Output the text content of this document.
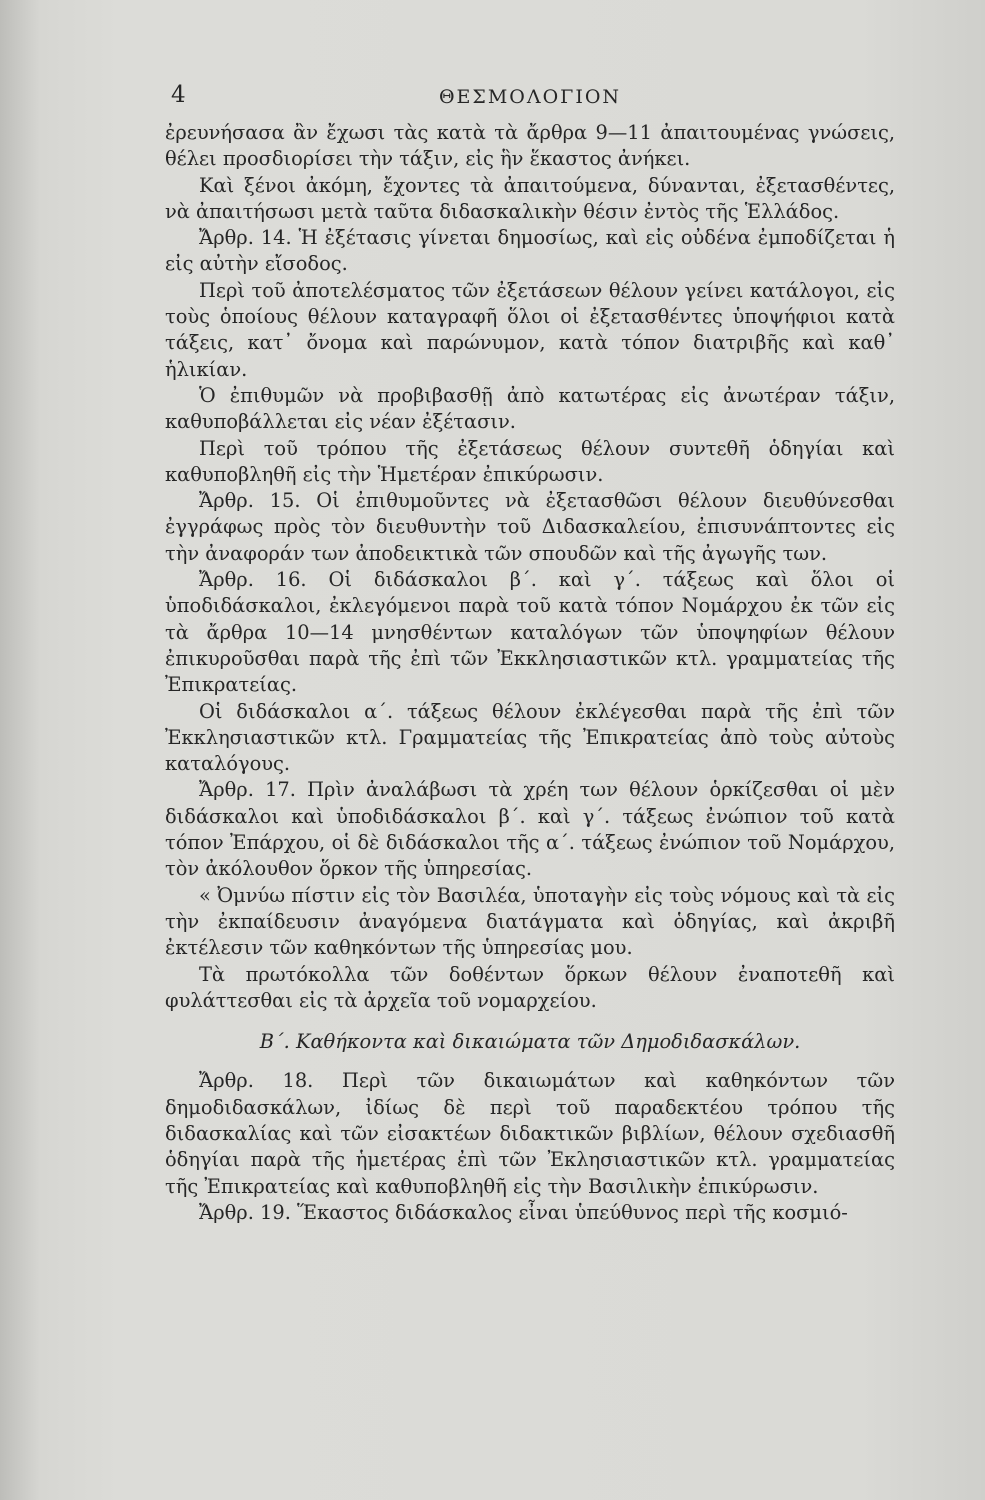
4	ΘΕΣΜΟΛΟΓΙΟΝ

ἐρευνήσασα ἂν ἔχωσι τὰς κατὰ τὰ ἄρθρα 9—11 ἀπαιτουμένας γνώσεις, θέλει προσδιορίσει τὴν τάξιν, εἰς ἣν ἕκαστος ἀνήκει.

Καὶ ξένοι ἀκόμη, ἔχοντες τὰ ἀπαιτούμενα, δύνανται, ἐξετασθέντες, νὰ ἀπαιτήσωσι μετὰ ταῦτα διδασκαλικὴν θέσιν ἐντὸς τῆς Ἑλλάδος.

Ἄρθρ. 14. Ἡ ἐξέτασις γίνεται δημοσίως, καὶ εἰς οὐδένα ἐμποδίζεται ἡ εἰς αὐτὴν εἴσοδος.

Περὶ τοῦ ἀποτελέσματος τῶν ἐξετάσεων θέλουν γείνει κατάλογοι, εἰς τοὺς ὁποίους θέλουν καταγραφῆ ὅλοι οἱ ἐξετασθέντες ὑποψήφιοι κατὰ τάξεις, κατ᾽ ὄνομα καὶ παρώνυμον, κατὰ τόπον διατριβῆς καὶ καθ᾽ ἡλικίαν.

Ὁ ἐπιθυμῶν νὰ προβιβασθῇ ἀπὸ κατωτέρας εἰς ἀνωτέραν τάξιν, καθυποβάλλεται εἰς νέαν ἐξέτασιν.

Περὶ τοῦ τρόπου τῆς ἐξετάσεως θέλουν συντεθῆ ὁδηγίαι καὶ καθυποβληθῆ εἰς τὴν Ἡμετέραν ἐπικύρωσιν.

Ἄρθρ. 15. Οἱ ἐπιθυμοῦντες νὰ ἐξετασθῶσι θέλουν διευθύνεσθαι ἐγγράφως πρὸς τὸν διευθυντὴν τοῦ Διδασκαλείου, ἐπισυνάπτοντες εἰς τὴν ἀναφοράν των ἀποδεικτικὰ τῶν σπουδῶν καὶ τῆς ἀγωγῆς των.

Ἄρθρ. 16. Οἱ διδάσκαλοι β΄. καὶ γ΄. τάξεως καὶ ὅλοι οἱ ὑποδιδάσκαλοι, ἐκλεγόμενοι παρὰ τοῦ κατὰ τόπον Νομάρχου ἐκ τῶν εἰς τὰ ἄρθρα 10—14 μνησθέντων καταλόγων τῶν ὑποψηφίων θέλουν ἐπικυροῦσθαι παρὰ τῆς ἐπὶ τῶν Ἐκκλησιαστικῶν κτλ. γραμματείας τῆς Ἐπικρατείας.

Οἱ διδάσκαλοι α΄. τάξεως θέλουν ἐκλέγεσθαι παρὰ τῆς ἐπὶ τῶν Ἐκκλησιαστικῶν κτλ. Γραμματείας τῆς Ἐπικρατείας ἀπὸ τοὺς αὐτοὺς καταλόγους.

Ἄρθρ. 17. Πρὶν ἀναλάβωσι τὰ χρέη των θέλουν ὁρκίζεσθαι οἱ μὲν διδάσκαλοι καὶ ὑποδιδάσκαλοι β΄. καὶ γ΄. τάξεως ἐνώπιον τοῦ κατὰ τόπον Ἐπάρχου, οἱ δὲ διδάσκαλοι τῆς α΄. τάξεως ἐνώπιον τοῦ Νομάρχου, τὸν ἀκόλουθον ὅρκον τῆς ὑπηρεσίας.

« Ὀμνύω πίστιν εἰς τὸν Βασιλέα, ὑποταγὴν εἰς τοὺς νόμους καὶ τὰ εἰς τὴν ἐκπαίδευσιν ἀναγόμενα διατάγματα καὶ ὁδηγίας, καὶ ἀκριβῆ ἐκτέλεσιν τῶν καθηκόντων τῆς ὑπηρεσίας μου.

Τὰ πρωτόκολλα τῶν δοθέντων ὅρκων θέλουν ἐναποτεθῆ καὶ φυλάττεσθαι εἰς τὰ ἀρχεῖα τοῦ νομαρχείου.

Β΄. Καθήκοντα καὶ δικαιώματα τῶν Δημοδιδασκάλων.

Ἄρθρ. 18. Περὶ τῶν δικαιωμάτων καὶ καθηκόντων τῶν δημοδιδασκάλων, ἰδίως δὲ περὶ τοῦ παραδεκτέου τρόπου τῆς διδασκαλίας καὶ τῶν εἰσακτέων διδακτικῶν βιβλίων, θέλουν σχεδιασθῆ ὁδηγίαι παρὰ τῆς ἡμετέρας ἐπὶ τῶν Ἐκλησιαστικῶν κτλ. γραμματείας τῆς Ἐπικρατείας καὶ καθυποβληθῆ εἰς τὴν Βασιλικὴν ἐπικύρωσιν.

Ἄρθρ. 19. Ἕκαστος διδάσκαλος εἶναι ὑπεύθυνος περὶ τῆς κοσμιό-
